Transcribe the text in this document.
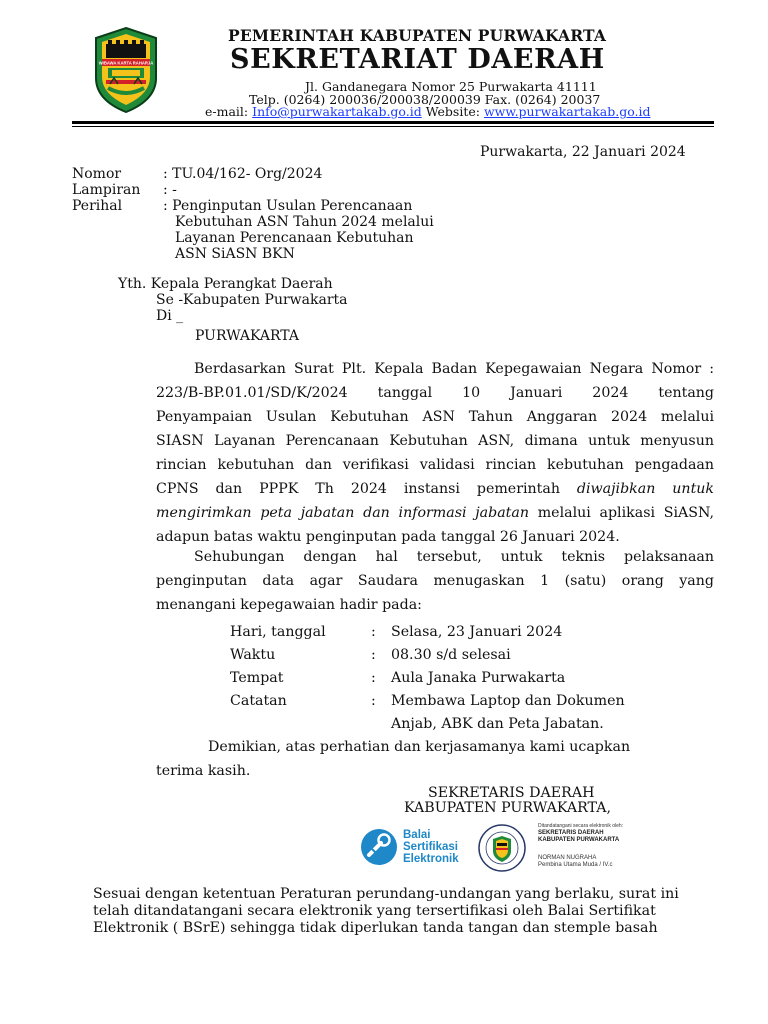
WIBAWA KARTA RAHARJA
PEMERINTAH KABUPATEN PURWAKARTA
SEKRETARIAT DAERAH
Jl. Gandanegara Nomor 25 Purwakarta 41111
Telp. (0264) 200036/200038/200039 Fax. (0264) 20037
e-mail: Info@purwakartakab.go.id Website: www.purwakartakab.go.id
Purwakarta, 22 Januari 2024
Nomor	: TU.04/162- Org/2024
Lampiran : -
Perihal	: Penginputan Usulan Perencanaan
Kebutuhan ASN Tahun 2024 melalui
Layanan Perencanaan Kebutuhan
ASN SiASN BKN
Yth. Kepala Perangkat Daerah
Se -Kabupaten Purwakarta
Di _
PURWAKARTA
Berdasarkan Surat Plt. Kepala Badan Kepegawaian Negara Nomor :
223/B-BP.01.01/SD/K/2024 tanggal 10 Januari 2024 tentang
Penyampaian Usulan Kebutuhan ASN Tahun Anggaran 2024 melalui
SIASN Layanan Perencanaan Kebutuhan ASN, dimana untuk menyusun
rincian kebutuhan dan verifikasi validasi rincian kebutuhan pengadaan
CPNS dan PPPK Th 2024 instansi pemerintah diwajibkan untuk
mengirimkan peta jabatan dan informasi jabatan melalui aplikasi SiASN,
adapun batas waktu penginputan pada tanggal 26 Januari 2024.
Sehubungan dengan hal tersebut, untuk teknis pelaksanaan
penginputan data agar Saudara menugaskan 1 (satu) orang yang
menangani kepegawaian hadir pada:
Hari, tanggal	: Selasa, 23 Januari 2024
Waktu	: 08.30 s/d selesai
Tempat	: Aula Janaka Purwakarta
Catatan	: Membawa Laptop dan Dokumen
Anjab, ABK dan Peta Jabatan.
Demikian, atas perhatian dan kerjasamanya kami ucapkan
terima kasih.
SEKRETARIS DAERAH
KABUPATEN PURWAKARTA,
Balai
Sertifikasi
Elektronik
Ditandatangani secara elektronik oleh:
SEKRETARIS DAERAH
KABUPATEN PURWAKARTA
NORMAN NUGRAHA
Pembina Utama Muda / IV.c
Sesuai dengan ketentuan Peraturan perundang-undangan yang berlaku, surat ini
telah ditandatangani secara elektronik yang tersertifikasi oleh Balai Sertifikat
Elektronik ( BSrE) sehingga tidak diperlukan tanda tangan dan stemple basah
